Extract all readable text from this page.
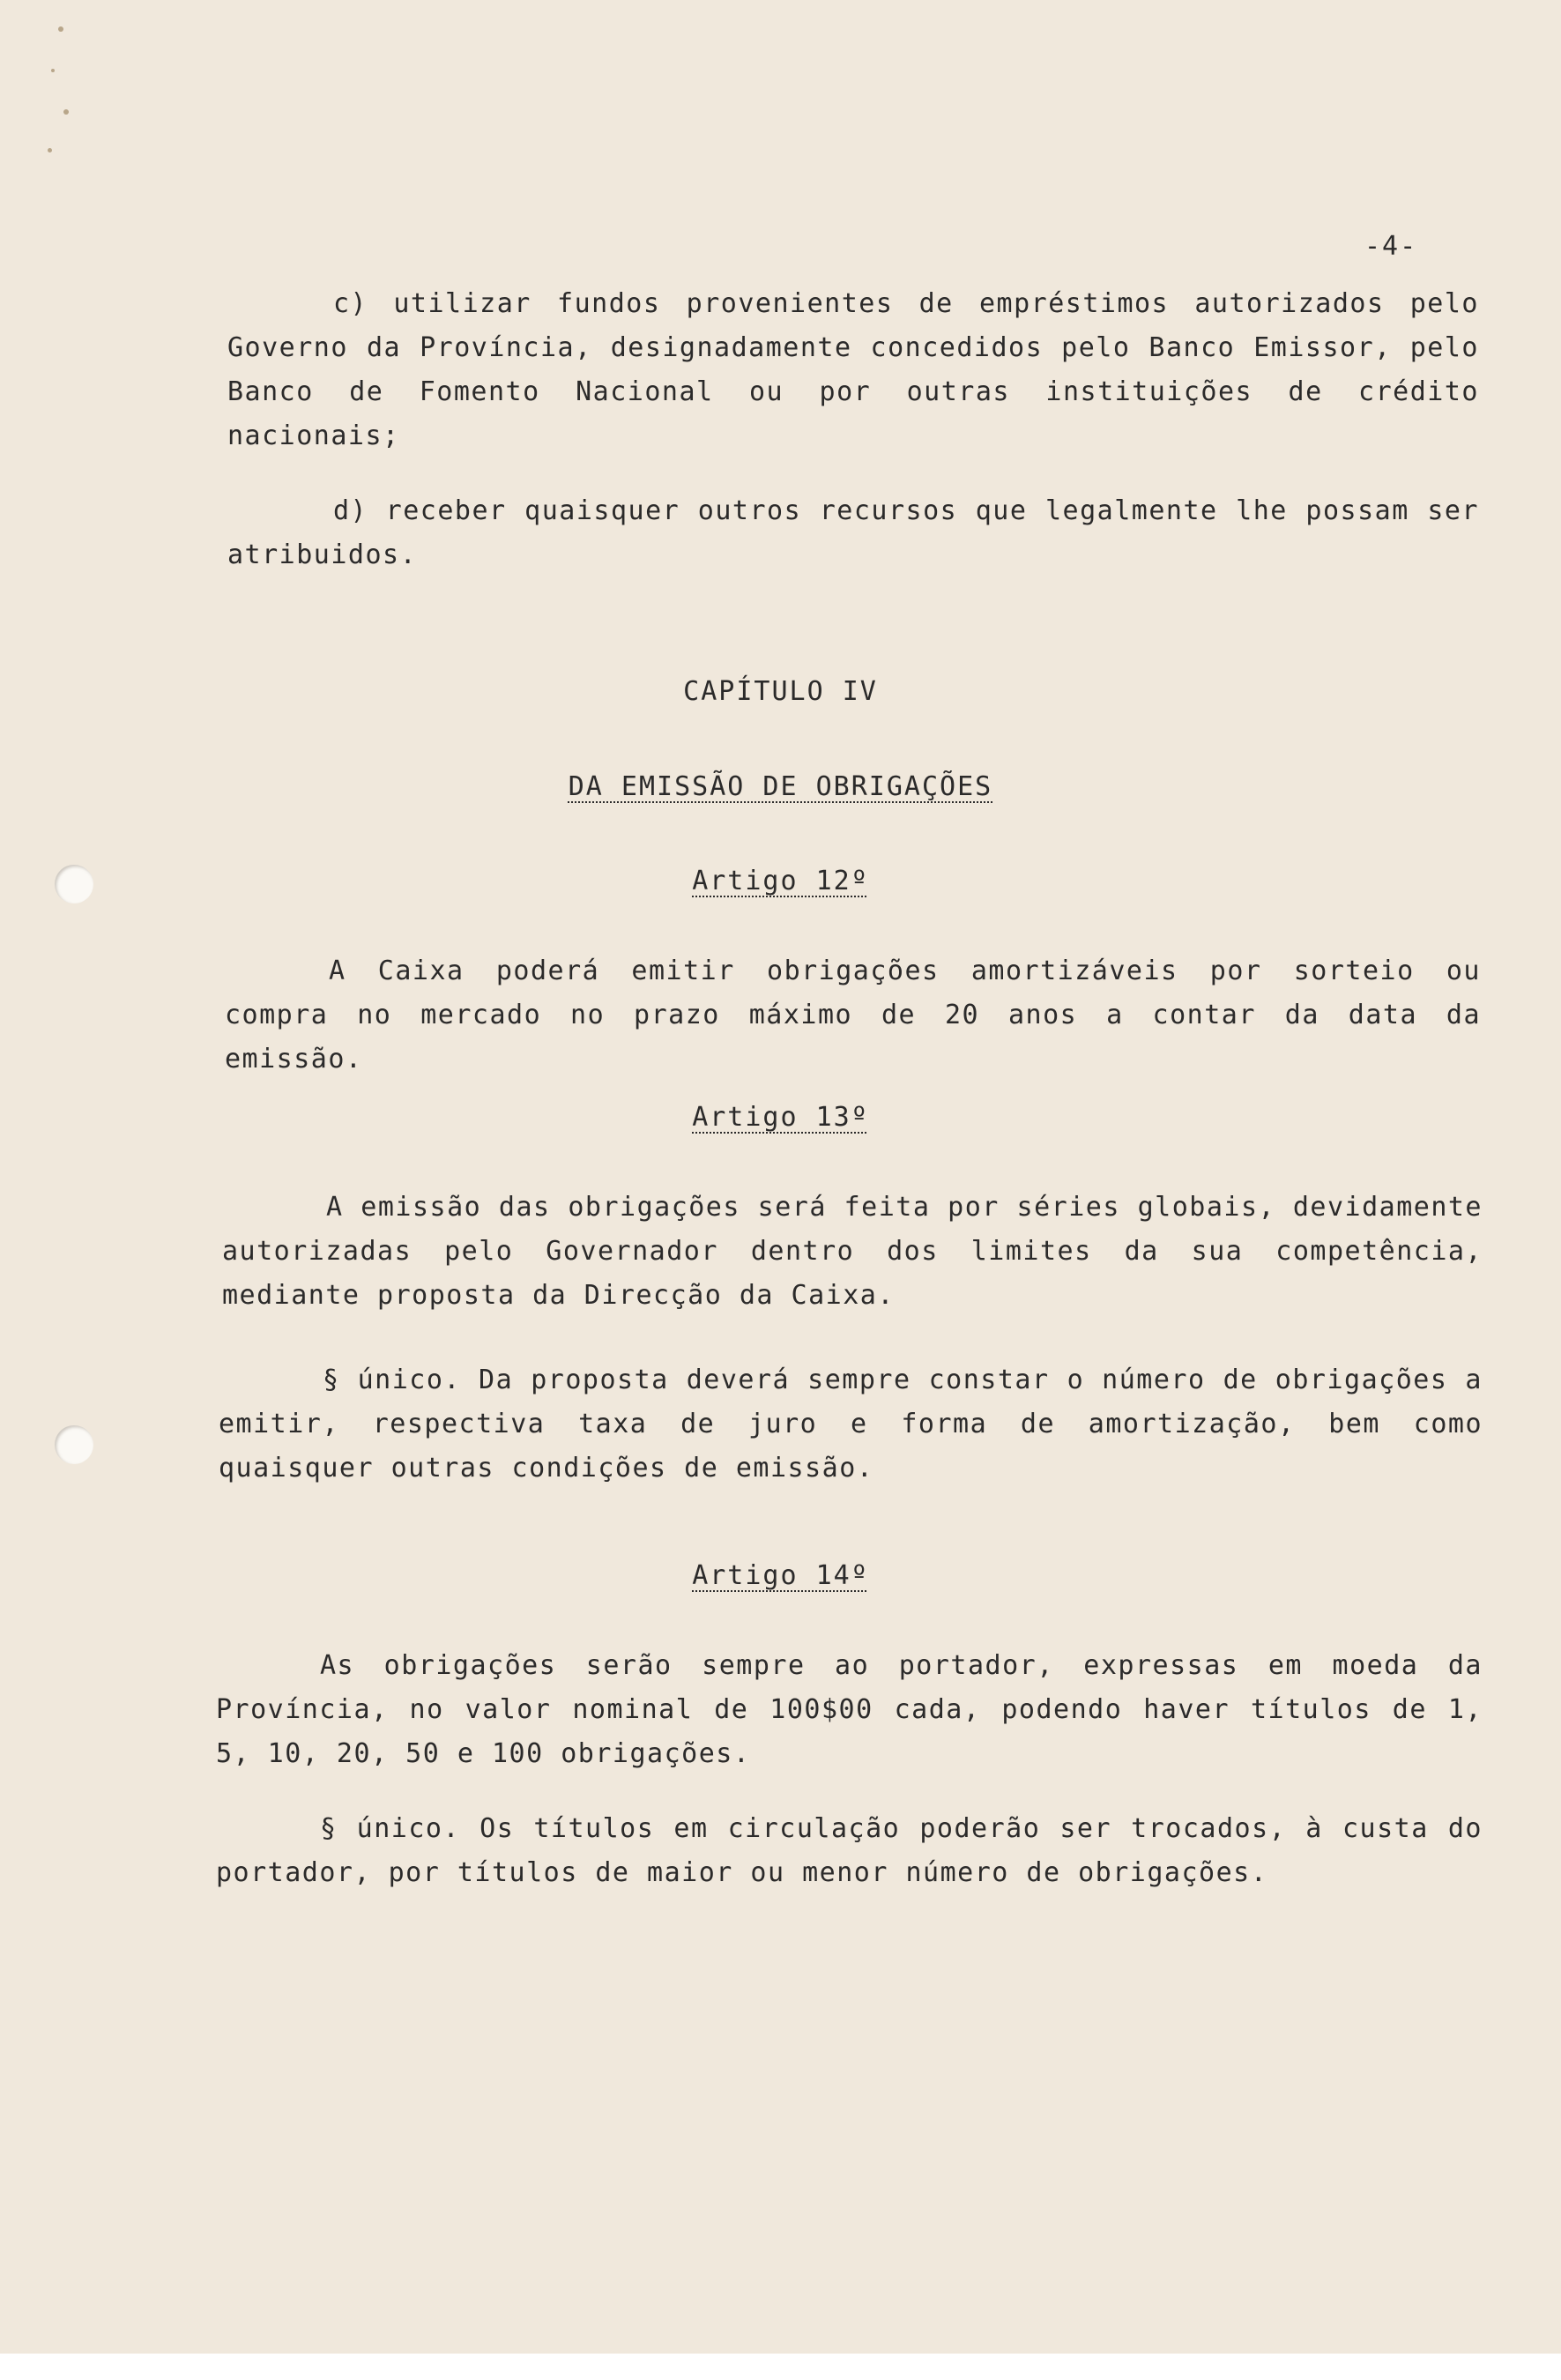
-4-

c) utilizar fundos provenientes de empréstimos autorizados pelo Governo da Província, designadamente concedidos pelo Banco Emissor, pelo Banco de Fomento Nacional ou por outras instituições de crédito nacionais;

d) receber quaisquer outros recursos que legalmente lhe possam ser atribuidos.

CAPÍTULO IV
DA EMISSÃO DE OBRIGAÇÕES
Artigo 12º

A Caixa poderá emitir obrigações amortizáveis por sorteio ou compra no mercado no prazo máximo de 20 anos a contar da data da emissão.

Artigo 13º

A emissão das obrigações será feita por séries globais, devidamente autorizadas pelo Governador dentro dos limites da sua competência, mediante proposta da Direcção da Caixa.

§ único. Da proposta deverá sempre constar o número de obrigações a emitir, respectiva taxa de juro e forma de amortização, bem como quaisquer outras condições de emissão.

Artigo 14º

As obrigações serão sempre ao portador, expressas em moeda da Província, no valor nominal de 100$00 cada, podendo haver títulos de 1, 5, 10, 20, 50 e 100 obrigações.

§ único. Os títulos em circulação poderão ser trocados, à custa do portador, por títulos de maior ou menor número de obrigações.
